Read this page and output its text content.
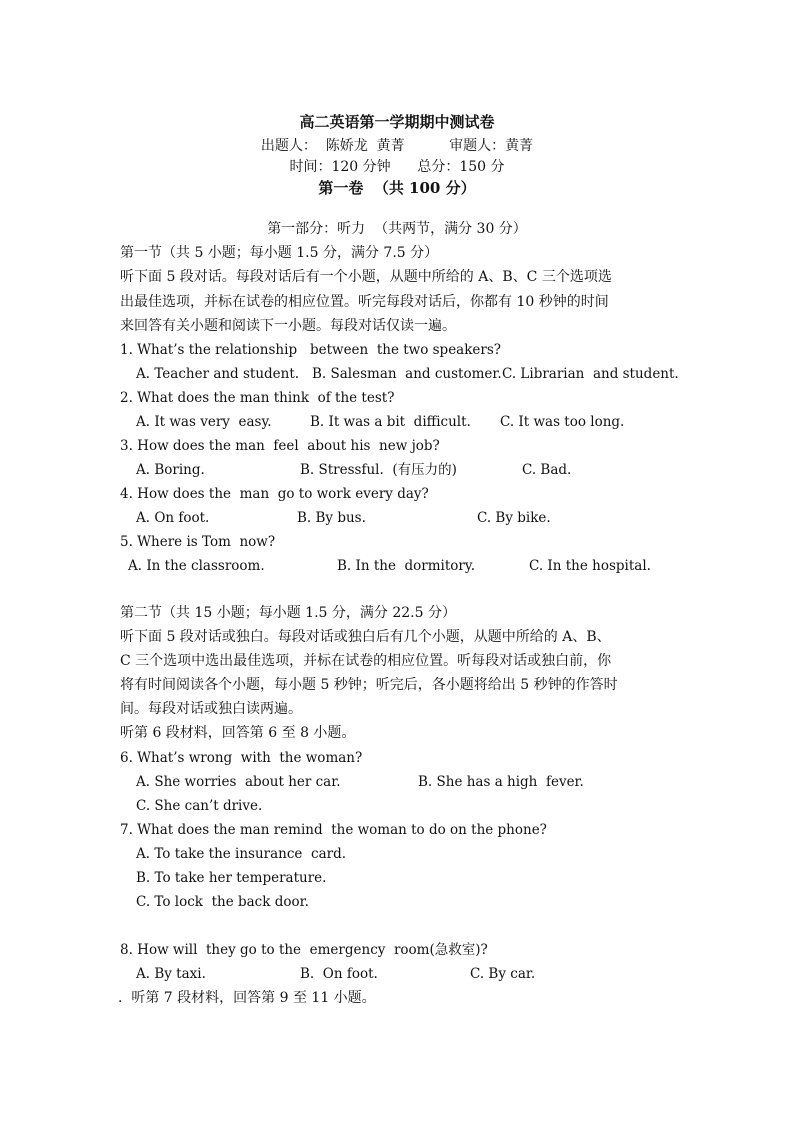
高二英语第一学期期中测试卷
出题人：  陈娇龙  黄菁          审题人：黄菁
时间：120 分钟      总分：150 分
第一卷  （共 100 分）
第一部分：听力  （共两节，满分 30 分）
第一节（共 5 小题；每小题 1.5 分，满分 7.5 分）
听下面 5 段对话。每段对话后有一个小题，从题中所给的 A、B、C 三个选项选
出最佳选项，并标在试卷的相应位置。听完每段对话后，你都有 10 秒钟的时间
来回答有关小题和阅读下一小题。每段对话仅读一遍。
1. What’s the relationship   between  the two speakers?
A. Teacher and student. B. Salesman  and customer. C. Librarian  and student.
2. What does the man think  of the test?
A. It was very  easy.	B. It was a bit  difficult. C. It was too long.
3. How does the man  feel  about his  new job?
A. Boring.	B. Stressful.  (有压力的)	C. Bad.
4. How does the  man  go to work every day?
A. On foot.	B. By bus.	C. By bike.
5. Where is Tom  now?
A. In the classroom.	B. In the  dormitory.	C. In the hospital.
第二节（共 15 小题；每小题 1.5 分，满分 22.5 分）
听下面 5 段对话或独白。每段对话或独白后有几个小题，从题中所给的 A、B、
C 三个选项中选出最佳选项，并标在试卷的相应位置。听每段对话或独白前，你
将有时间阅读各个小题，每小题 5 秒钟；听完后，各小题将给出 5 秒钟的作答时
间。每段对话或独白读两遍。
听第 6 段材料，回答第 6 至 8 小题。
6. What’s wrong  with  the woman?
A. She worries  about her car.	B. She has a high  fever.
C. She can’t drive.
7. What does the man remind  the woman to do on the phone?
A. To take the insurance  card.
B. To take her temperature.
C. To lock  the back door.
8. How will  they go to the  emergency  room(急救室)?
A. By taxi.	B.  On foot.	C. By car.
.  听第 7 段材料，回答第 9 至 11 小题。
